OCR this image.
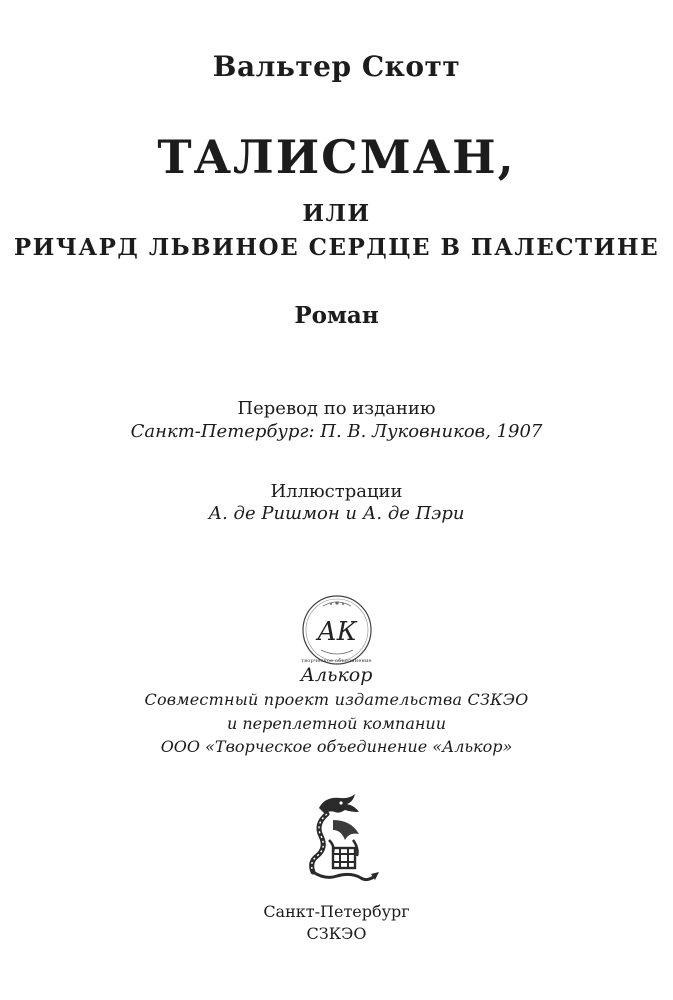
Вальтер Скотт
ТАЛИСМАН,
ИЛИ
РИЧАРД ЛЬВИНОЕ СЕРДЦЕ В ПАЛЕСТИНЕ
Роман
Перевод по изданию
Санкт-Петербург: П. В. Луковников, 1907
Иллюстрации
А. де Ришмон и А. де Пэри
АК
творческое объединение
Алькор
Совместный проект издательства СЗКЭО
и переплетной компании
ООО «Творческое объединение «Алькор»
Санкт-Петербург
СЗКЭО
